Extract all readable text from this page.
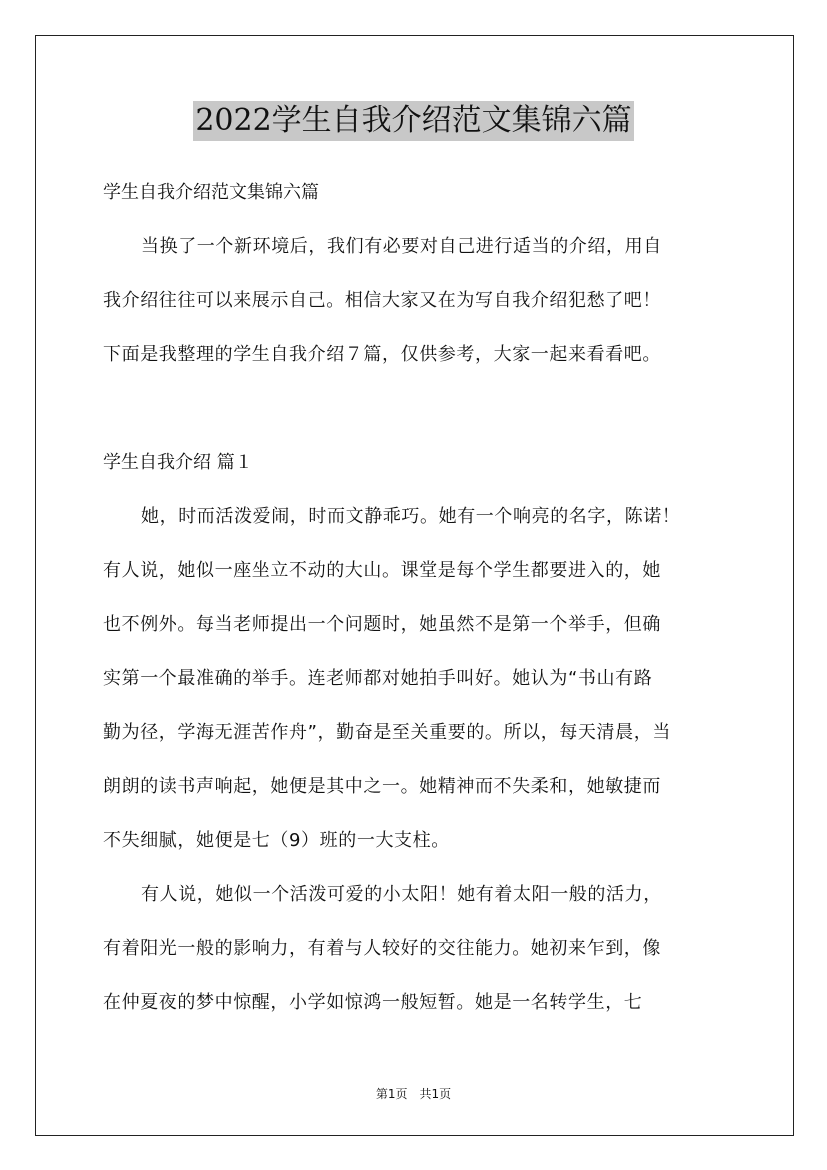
2022学生自我介绍范文集锦六篇

学生自我介绍范文集锦六篇

当换了一个新环境后，我们有必要对自己进行适当的介绍，用自
我介绍往往可以来展示自己。相信大家又在为写自我介绍犯愁了吧！
下面是我整理的学生自我介绍７篇，仅供参考，大家一起来看看吧。

学生自我介绍 篇１

她，时而活泼爱闹，时而文静乖巧。她有一个响亮的名字，陈诺！
有人说，她似一座坐立不动的大山。课堂是每个学生都要进入的，她
也不例外。每当老师提出一个问题时，她虽然不是第一个举手，但确
实第一个最准确的举手。连老师都对她拍手叫好。她认为“书山有路
勤为径，学海无涯苦作舟”，勤奋是至关重要的。所以，每天清晨，当
朗朗的读书声响起，她便是其中之一。她精神而不失柔和，她敏捷而
不失细腻，她便是七（9）班的一大支柱。

有人说，她似一个活泼可爱的小太阳！她有着太阳一般的活力，
有着阳光一般的影响力，有着与人较好的交往能力。她初来乍到，像
在仲夏夜的梦中惊醒，小学如惊鸿一般短暂。她是一名转学生，七

第1页　共1页
